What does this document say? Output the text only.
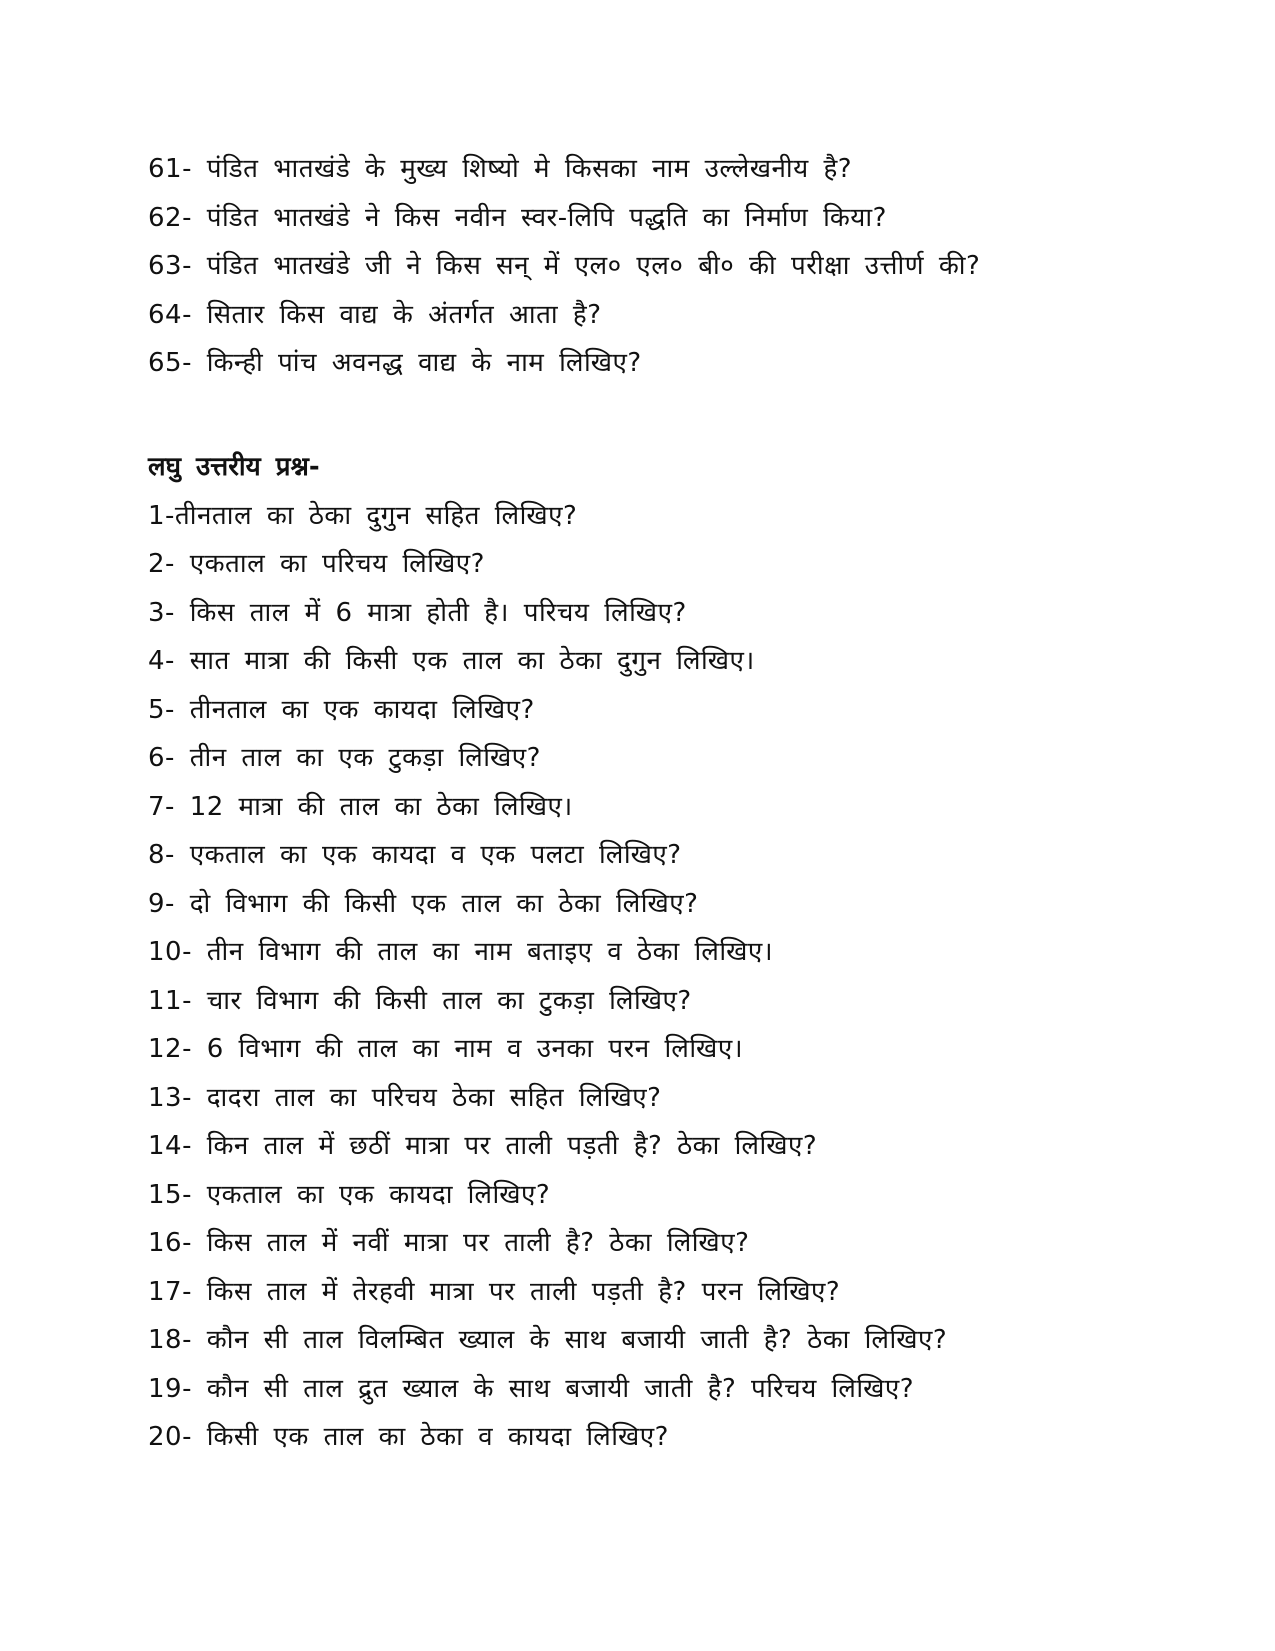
61- पंडित भातखंडे के मुख्य शिष्यो मे किसका नाम उल्लेखनीय है?
62- पंडित भातखंडे ने किस नवीन स्वर-लिपि पद्धति का निर्माण किया?
63- पंडित भातखंडे जी ने किस सन् में एल० एल० बी० की परीक्षा उत्तीर्ण की?
64- सितार किस वाद्य के अंतर्गत आता है?
65- किन्ही पांच अवनद्ध वाद्य के नाम लिखिए?
लघु उत्तरीय प्रश्न-
1-तीनताल का ठेका दुगुन सहित लिखिए?
2- एकताल का परिचय लिखिए?
3- किस ताल में 6 मात्रा होती है। परिचय लिखिए?
4- सात मात्रा की किसी एक ताल का ठेका दुगुन लिखिए।
5- तीनताल का एक कायदा लिखिए?
6- तीन ताल का एक टुकड़ा लिखिए?
7- 12 मात्रा की ताल का ठेका लिखिए।
8- एकताल का एक कायदा व एक पलटा लिखिए?
9- दो विभाग की किसी एक ताल का ठेका लिखिए?
10- तीन विभाग की ताल का नाम बताइए व ठेका लिखिए।
11- चार विभाग की किसी ताल का टुकड़ा लिखिए?
12- 6 विभाग की ताल का नाम व उनका परन लिखिए।
13- दादरा ताल का परिचय ठेका सहित लिखिए?
14- किन ताल में छठीं मात्रा पर ताली पड़ती है? ठेका लिखिए?
15- एकताल का एक कायदा लिखिए?
16- किस ताल में नवीं मात्रा पर ताली है? ठेका लिखिए?
17- किस ताल में तेरहवी मात्रा पर ताली पड़ती है? परन लिखिए?
18- कौन सी ताल विलम्बित ख्याल के साथ बजायी जाती है? ठेका लिखिए?
19- कौन सी ताल द्रुत ख्याल के साथ बजायी जाती है? परिचय लिखिए?
20- किसी एक ताल का ठेका व कायदा लिखिए?
